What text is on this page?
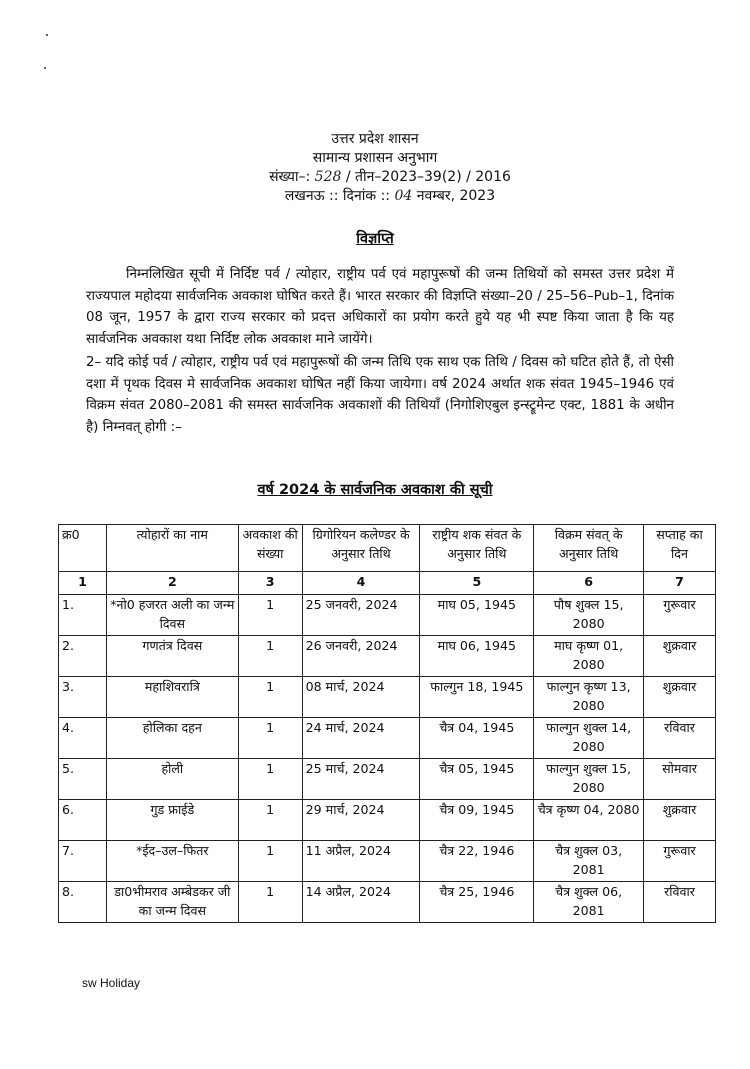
उत्तर प्रदेश शासन
सामान्य प्रशासन अनुभाग
संख्या–: 528 / तीन–2023–39(2) / 2016
लखनऊ :: दिनांक :: 04 नवम्बर, 2023
विज्ञप्ति

निम्नलिखित सूची में निर्दिष्ट पर्व / त्योहार, राष्ट्रीय पर्व एवं महापुरूषों की जन्म तिथियों को समस्त उत्तर प्रदेश में राज्यपाल महोदया सार्वजनिक अवकाश घोषित करते हैं। भारत सरकार की विज्ञप्ति संख्या–20 / 25–56–Pub–1, दिनांक 08 जून, 1957 के द्वारा राज्य सरकार को प्रदत्त अधिकारों का प्रयोग करते हुये यह भी स्पष्ट किया जाता है कि यह सार्वजनिक अवकाश यथा निर्दिष्ट लोक अवकाश माने जायेंगे।

2– यदि कोई पर्व / त्योहार, राष्ट्रीय पर्व एवं महापुरूषों की जन्म तिथि एक साथ एक तिथि / दिवस को घटित होते हैं, तो ऐसी दशा में पृथक दिवस मे सार्वजनिक अवकाश घोषित नहीं किया जायेगा। वर्ष 2024 अर्थात शक संवत 1945–1946 एवं विक्रम संवत 2080–2081 की समस्त सार्वजनिक अवकाशों की तिथियाँ (निगोशिएबुल इन्स्ट्रूमेन्ट एक्ट, 1881 के अधीन है) निम्नवत् होगी :–

वर्ष 2024 के सार्वजनिक अवकाश की सूची
क्र0	त्योहारों का नाम	अवकाश की संख्या	ग्रिगोरियन कलेण्डर के अनुसार तिथि	राष्ट्रीय शक संवत के अनुसार तिथि	विक्रम संवत् के अनुसार तिथि	सप्ताह का दिन
1	2	3	4	5	6	7
1.	*नो0 हजरत अली का जन्म दिवस	1	25 जनवरी, 2024	माघ 05, 1945	पौष शुक्ल 15, 2080	गुरूवार
2.	गणतंत्र दिवस	1	26 जनवरी, 2024	माघ 06, 1945	माघ कृष्ण 01, 2080	शुक्रवार
3.	महाशिवरात्रि	1	08 मार्च, 2024	फाल्गुन 18, 1945	फाल्गुन कृष्ण 13, 2080	शुक्रवार
4.	होलिका दहन	1	24 मार्च, 2024	चैत्र 04, 1945	फाल्गुन शुक्ल 14, 2080	रविवार
5.	होली	1	25 मार्च, 2024	चैत्र 05, 1945	फाल्गुन शुक्ल 15, 2080	सोमवार
6.	गुड फ्राईडे	1	29 मार्च, 2024	चैत्र 09, 1945	चैत्र कृष्ण 04, 2080	शुक्रवार
7.	*ईद–उल–फितर	1	11 अप्रैल, 2024	चैत्र 22, 1946	चैत्र शुक्ल 03, 2081	गुरूवार
8.	डा0भीमराव अम्बेडकर जी का जन्म दिवस	1	14 अप्रैल, 2024	चैत्र 25, 1946	चैत्र शुक्ल 06, 2081	रविवार
sw Holiday
